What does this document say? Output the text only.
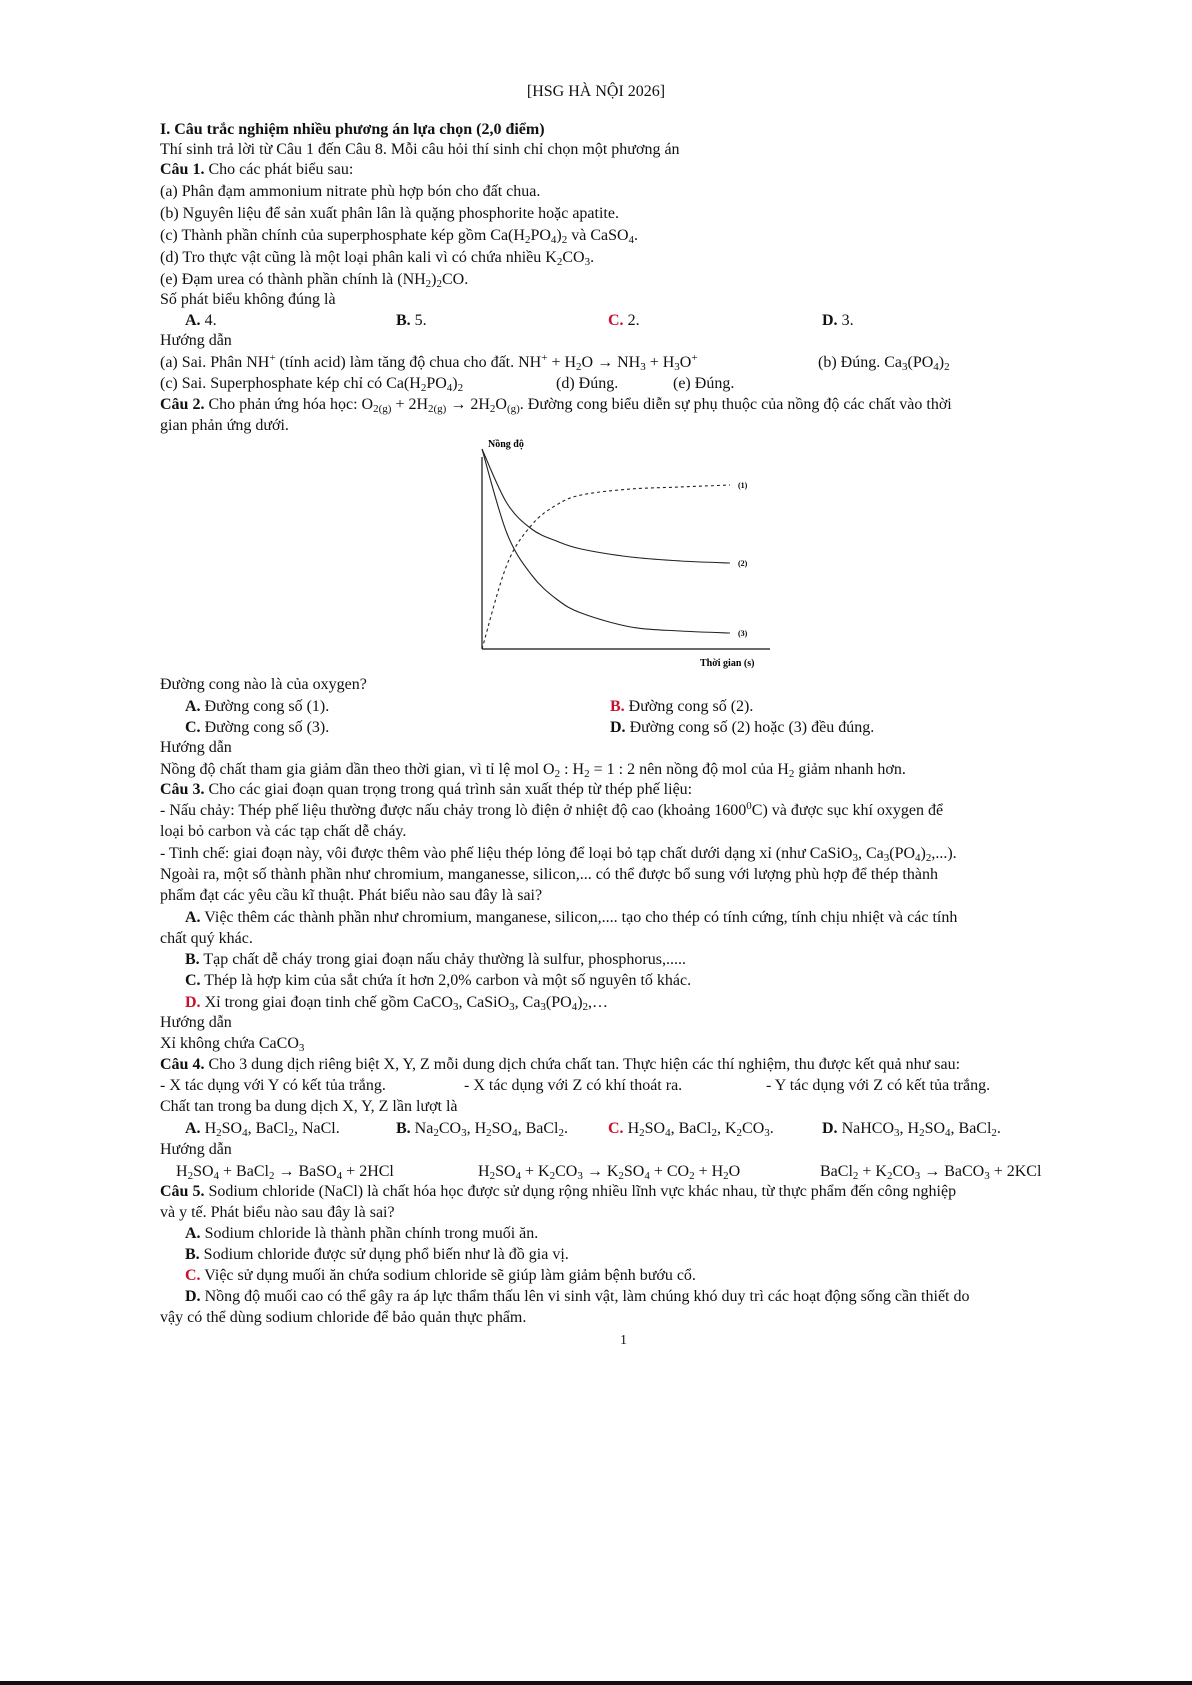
[HSG HÀ NỘI 2026]
I. Câu trắc nghiệm nhiều phương án lựa chọn (2,0 điểm)
Thí sinh trả lời từ Câu 1 đến Câu 8. Mỗi câu hỏi thí sinh chỉ chọn một phương án
Câu 1. Cho các phát biểu sau:
(a) Phân đạm ammonium nitrate phù hợp bón cho đất chua.
(b) Nguyên liệu để sản xuất phân lân là quặng phosphorite hoặc apatite.
(c) Thành phần chính của superphosphate kép gồm $Ca(H_2PO_4)_2$ và CaSO$_4$.
(d) Tro thực vật cũng là một loại phân kali vì có chứa nhiều $K_2CO_3$.
(e) Đạm urea có thành phần chính là $(NH_2)_2CO$.
Số phát biểu không đúng là
A. 4.	B. 5.	C. 2.	D. 3.
Hướng dẫn
(a) Sai. Phân NH+ (tính acid) làm tăng độ chua cho đất. $NH^+ + H_2O \to NH_3 + H_3O^+$	(b) Đúng. $Ca_3(PO_4)_2$
(c) Sai. Superphosphate kép chỉ có $Ca(H_2PO_4)_2$	(d) Đúng.	(e) Đúng.
Câu 2. Cho phản ứng hóa học: $O_{2(g)} + 2H_{2(g)} \to 2H_2O_{(g)}$. Đường cong biểu diễn sự phụ thuộc của nồng độ các chất vào thời
gian phản ứng dưới.
Nồng độ
Thời gian (s)
(1)
(2)
(3)
Đường cong nào là của oxygen?
A. Đường cong số (1).	B. Đường cong số (2).
C. Đường cong số (3).	D. Đường cong số (2) hoặc (3) đều đúng.
Hướng dẫn
Nồng độ chất tham gia giảm dần theo thời gian, vì tỉ lệ mol $O_2$ : $H_2 = 1$ : 2 nên nồng độ mol của $H_2$ giảm nhanh hơn.
Câu 3. Cho các giai đoạn quan trọng trong quá trình sản xuất thép từ thép phế liệu:
- Nấu chảy: Thép phế liệu thường được nấu chảy trong lò điện ở nhiệt độ cao (khoảng 1600$^0$C) và được sục khí oxygen để
loại bỏ carbon và các tạp chất dễ cháy.
- Tinh chế: giai đoạn này, vôi được thêm vào phế liệu thép lỏng để loại bỏ tạp chất dưới dạng xỉ (như CaSiO$_3$, $Ca_3(PO_4)_2$,...).
Ngoài ra, một số thành phần như chromium, manganesse, silicon,... có thể được bổ sung với lượng phù hợp để thép thành
phẩm đạt các yêu cầu kĩ thuật. Phát biểu nào sau đây là sai?
A. Việc thêm các thành phần như chromium, manganese, silicon,.... tạo cho thép có tính cứng, tính chịu nhiệt và các tính
chất quý khác.
B. Tạp chất dễ cháy trong giai đoạn nấu chảy thường là sulfur, phosphorus,.....
C. Thép là hợp kim của sắt chứa ít hơn 2,0% carbon và một số nguyên tố khác.
D. Xỉ trong giai đoạn tinh chế gồm CaCO$_3$, CaSiO$_3$, $Ca_3(PO_4)_2,\dots$
Hướng dẫn
Xỉ không chứa CaCO$_3$
Câu 4. Cho 3 dung dịch riêng biệt X, Y, Z mỗi dung dịch chứa chất tan. Thực hiện các thí nghiệm, thu được kết quả như sau:
- X tác dụng với Y có kết tủa trắng.	- X tác dụng với Z có khí thoát ra.	- Y tác dụng với Z có kết tủa trắng.
Chất tan trong ba dung dịch X, Y, Z lần lượt là
A. $H_2SO_4$, BaCl$_2$, NaCl.	B. $Na_2CO_3$, $H_2SO_4$, BaCl$_2$.	C. $H_2SO_4$, BaCl$_2$, $K_2CO_3$.	D. NaHCO$_3$, $H_2SO_4$, BaCl$_2$.
Hướng dẫn
$H_2SO_4$ + BaCl$_2$ → BaSO$_4$ + 2HCl	$H_2SO_4 + K_2CO_3 \to K_2SO_4 + CO_2 + H_2O$	BaCl$_2$ + $K_2CO_3$ → BaCO$_3$ + 2KCl
Câu 5. Sodium chloride (NaCl) là chất hóa học được sử dụng rộng nhiều lĩnh vực khác nhau, từ thực phẩm đến công nghiệp
và y tế. Phát biểu nào sau đây là sai?
A. Sodium chloride là thành phần chính trong muối ăn.
B. Sodium chloride được sử dụng phổ biến như là đồ gia vị.
C. Việc sử dụng muối ăn chứa sodium chloride sẽ giúp làm giảm bệnh bướu cổ.
D. Nồng độ muối cao có thể gây ra áp lực thẩm thấu lên vi sinh vật, làm chúng khó duy trì các hoạt động sống cần thiết do
vậy có thể dùng sodium chloride để bảo quản thực phẩm.
1
